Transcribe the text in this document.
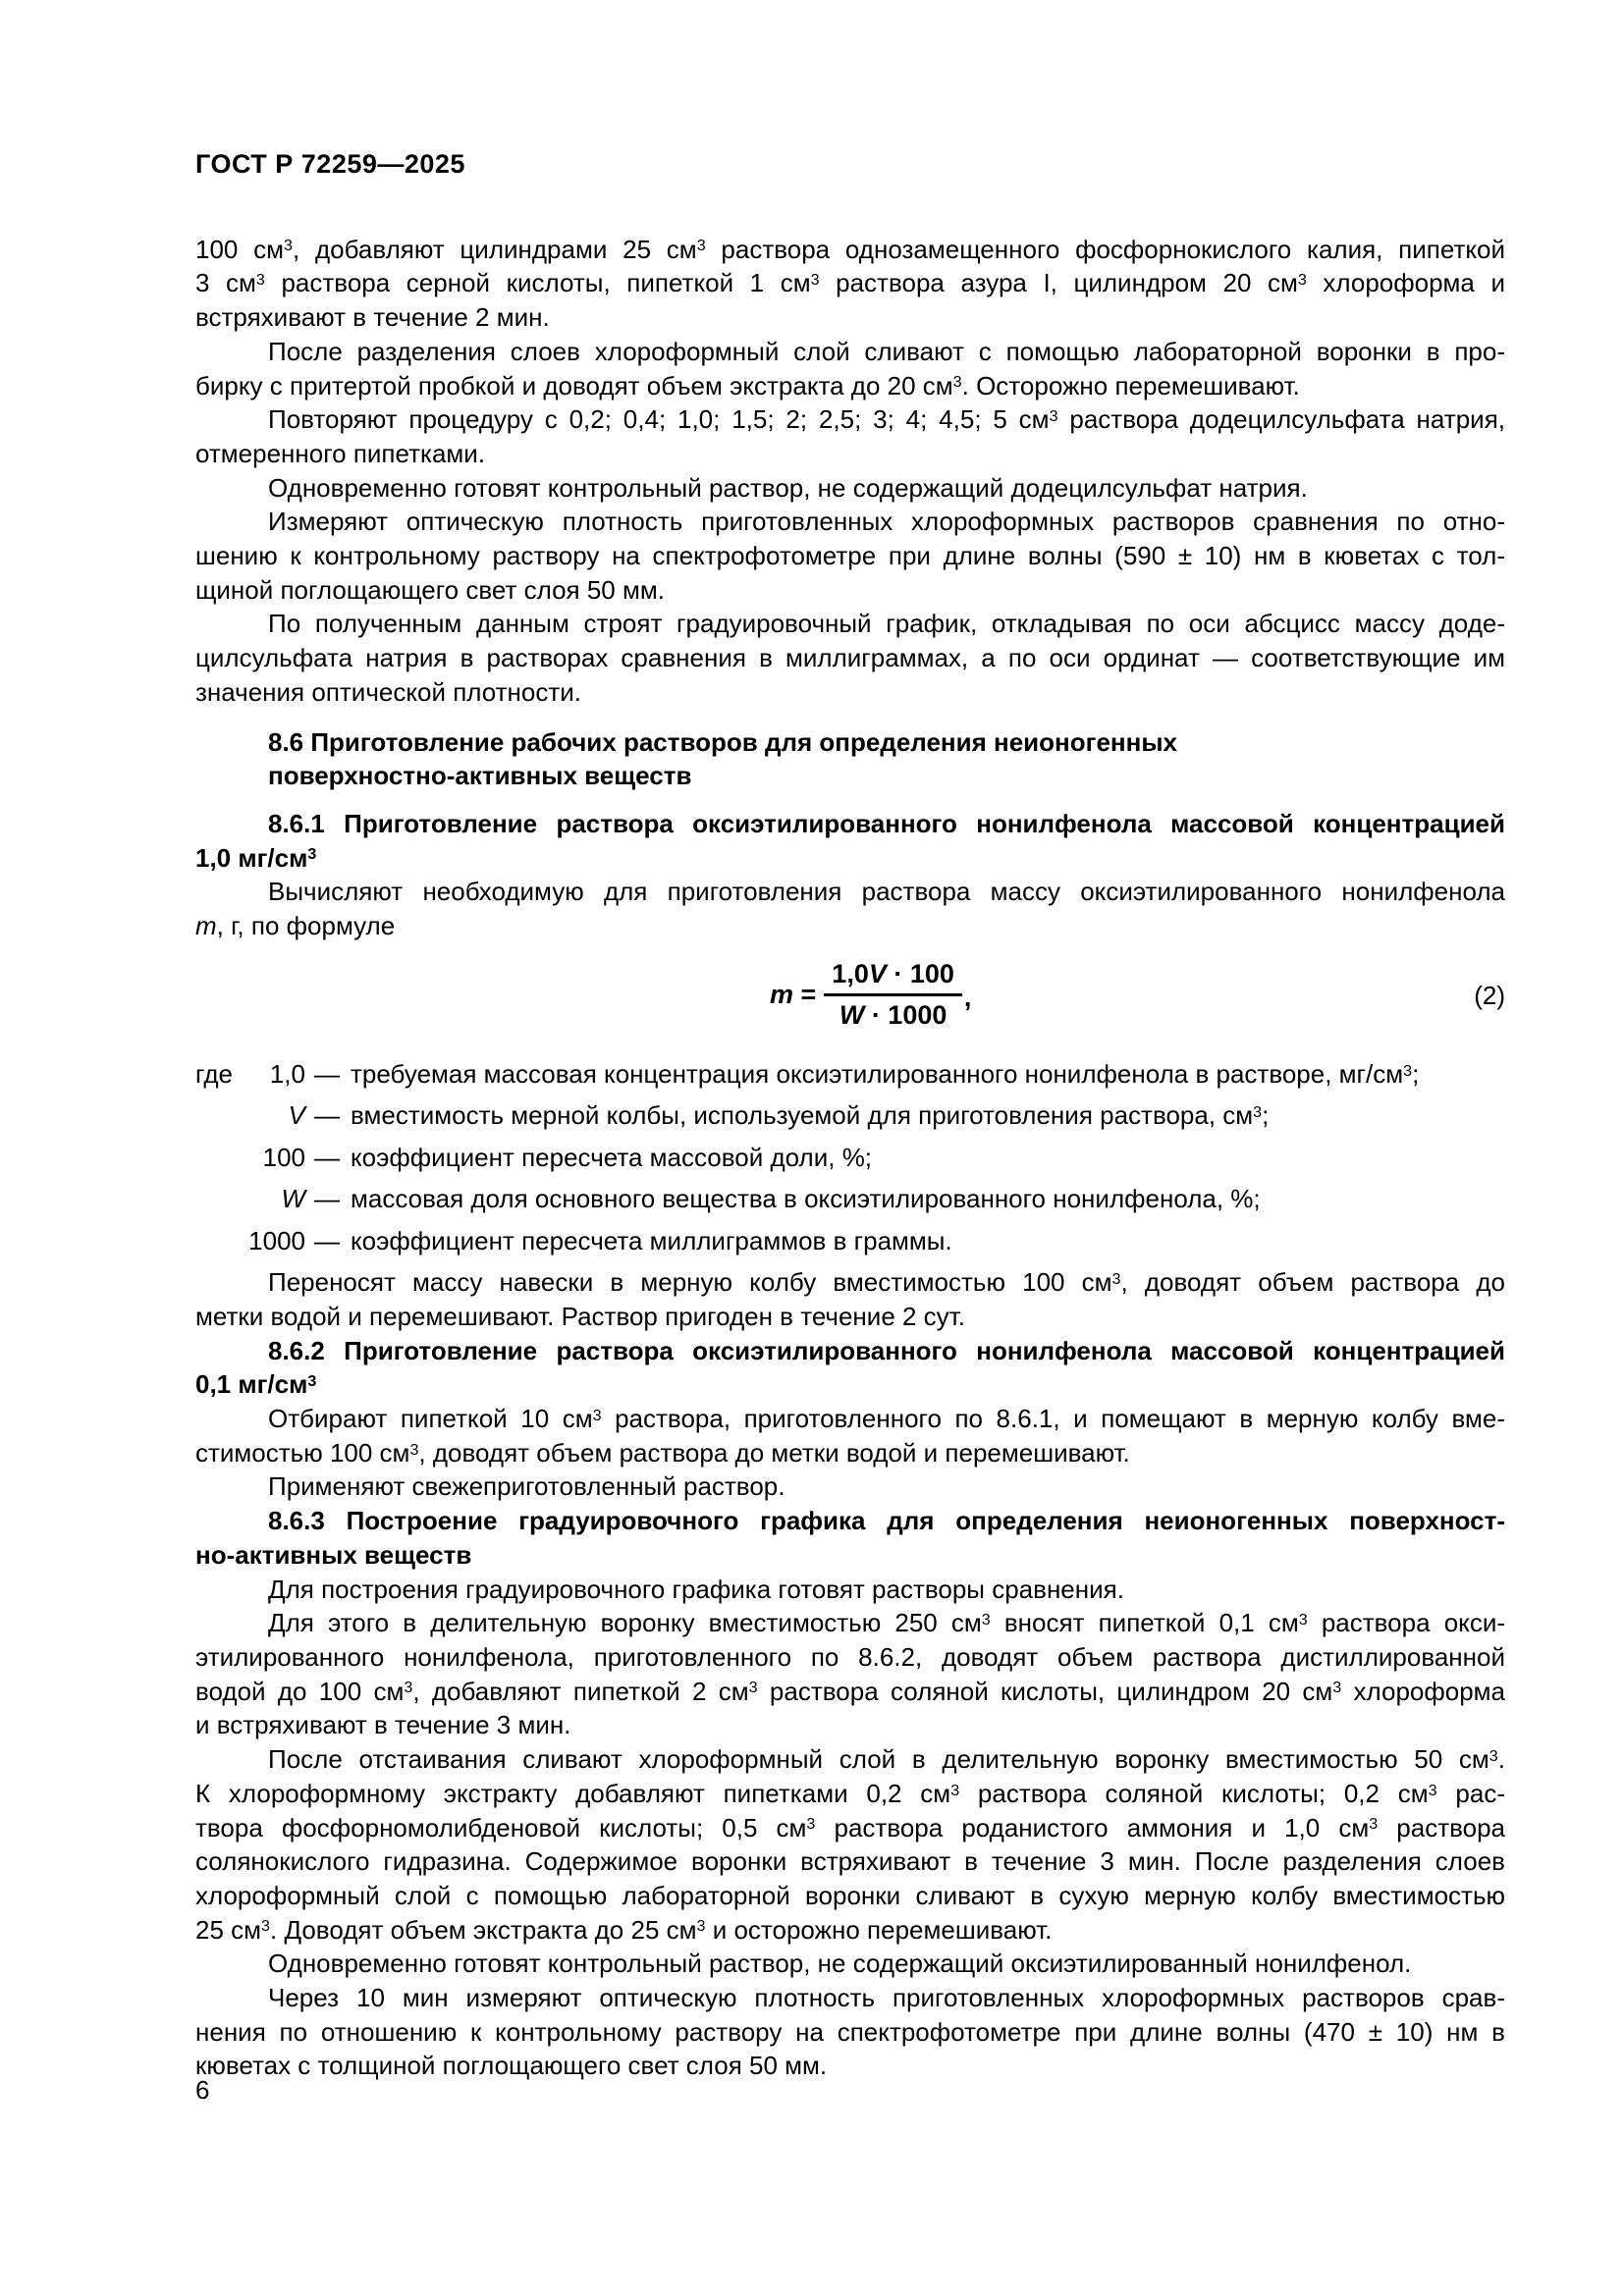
ГОСТ Р 72259—2025
100 $см^3$, добавляют цилиндрами 25 $см^3$ раствора однозамещенного фосфорнокислого калия, пипеткой
3 $см^3$ раствора серной кислоты, пипеткой 1 $см^3$ раствора азура I, цилиндром 20 $см^3$ хлороформа и
встряхивают в течение 2 мин.
После разделения слоев хлороформный слой сливают с помощью лабораторной воронки в про-
бирку с притертой пробкой и доводят объем экстракта до 20 $см^3$. Осторожно перемешивают.
Повторяют процедуру с 0,2; 0,4; 1,0; 1,5; 2; 2,5; 3; 4; 4,5; 5 $см^3$ раствора додецилсульфата натрия,
отмеренного пипетками.
Одновременно готовят контрольный раствор, не содержащий додецилсульфат натрия.
Измеряют оптическую плотность приготовленных хлороформных растворов сравнения по отно-
шению к контрольному раствору на спектрофотометре при длине волны (590 ± 10) нм в кюветах с тол-
щиной поглощающего свет слоя 50 мм.
По полученным данным строят градуировочный график, откладывая по оси абсцисс массу доде-
цилсульфата натрия в растворах сравнения в миллиграммах, а по оси ординат — соответствующие им
значения оптической плотности.
8.6 Приготовление рабочих растворов для определения неионогенных
поверхностно-активных веществ
8.6.1 Приготовление раствора оксиэтилированного нонилфенола массовой концентрацией
1,0 $мг/см^3$
Вычисляют необходимую для приготовления раствора массу оксиэтилированного нонилфенола
m, г, по формуле
$m = \frac{1,0V \cdot 100}{W \cdot 1000}$ ,	(2)
где 1,0 — требуемая массовая концентрация оксиэтилированного нонилфенола в растворе, $мг/см^3$;
V — вместимость мерной колбы, используемой для приготовления раствора, $см^3$;
100 — коэффициент пересчета массовой доли, %;
W — массовая доля основного вещества в оксиэтилированного нонилфенола, %;
1000 — коэффициент пересчета миллиграммов в граммы.
Переносят массу навески в мерную колбу вместимостью 100 $см^3$, доводят объем раствора до
метки водой и перемешивают. Раствор пригоден в течение 2 сут.
8.6.2 Приготовление раствора оксиэтилированного нонилфенола массовой концентрацией
0,1 $мг/см^3$
Отбирают пипеткой 10 $см^3$ раствора, приготовленного по 8.6.1, и помещают в мерную колбу вме-
стимостью 100 $см^3$, доводят объем раствора до метки водой и перемешивают.
Применяют свежеприготовленный раствор.
8.6.3 Построение градуировочного графика для определения неионогенных поверхност-
но-активных веществ
Для построения градуировочного графика готовят растворы сравнения.
Для этого в делительную воронку вместимостью 250 $см^3$ вносят пипеткой 0,1 $см^3$ раствора окси-
этилированного нонилфенола, приготовленного по 8.6.2, доводят объем раствора дистиллированной
водой до 100 $см^3$, добавляют пипеткой 2 $см^3$ раствора соляной кислоты, цилиндром 20 $см^3$ хлороформа
и встряхивают в течение 3 мин.
После отстаивания сливают хлороформный слой в делительную воронку вместимостью 50 $см^3$.
К хлороформному экстракту добавляют пипетками 0,2 $см^3$ раствора соляной кислоты; 0,2 $см^3$ рас-
твора фосфорномолибденовой кислоты; 0,5 $см^3$ раствора роданистого аммония и 1,0 $см^3$ раствора
солянокислого гидразина. Содержимое воронки встряхивают в течение 3 мин. После разделения слоев
хлороформный слой с помощью лабораторной воронки сливают в сухую мерную колбу вместимостью
25 $см^3$. Доводят объем экстракта до 25 $см^3$ и осторожно перемешивают.
Одновременно готовят контрольный раствор, не содержащий оксиэтилированный нонилфенол.
Через 10 мин измеряют оптическую плотность приготовленных хлороформных растворов срав-
нения по отношению к контрольному раствору на спектрофотометре при длине волны (470 ± 10) нм в
кюветах с толщиной поглощающего свет слоя 50 мм.
6
